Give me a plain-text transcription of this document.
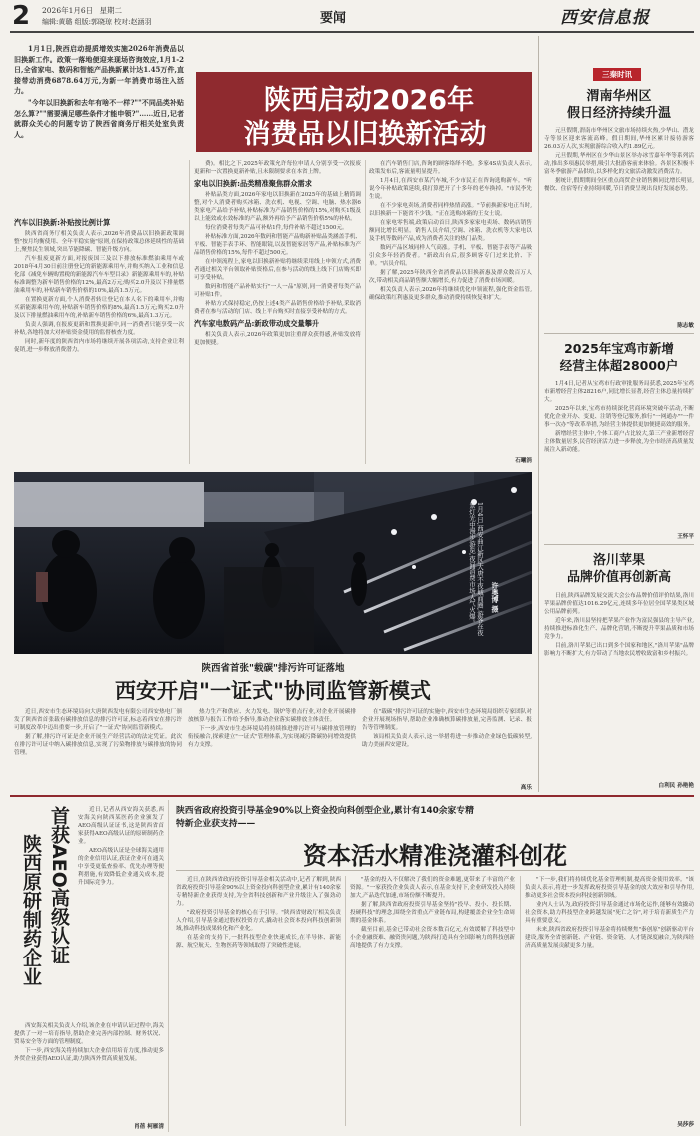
2 2026年1月6日 星期二
编辑:黄璐 组版:郭晓琼 校对:赵涵羽	要闻	西安信息报
1月1日,陕西启动提质增效实施2026年消费品以旧换新工作。政策一落地便迎来现场咨询效应,1月1-2日,全省家电、数码和智能产品换新累计达1.45万件,直接带动消费6878.64万元,为新一年消费市场注入活力。
"今年以旧换新和去年有啥不一样?""不同品类补贴怎么算?""需要满足哪些条件才能申领?"……近日,记者就群众关心的问题专访了陕西省商务厅相关处室负责人。
陕西启动2026年
消费品以旧换新活动
汽车以旧换新:补贴按比例计算
陕西省商务厅相关负责人表示,2026年消费品以旧换新政策调整"按月均衡使用、全年平稳实施"原则,在保持政策总体延续性的基础上,聚焦民生领域,突出节能降碳、智能升级方向。
汽车报废更新方面,对报废国三及以下排放标准燃油乘用车或2018年4月30日前注册登记的新能源乘用车,并购买纳入工业和信息化部《减免车辆购置税的新能源汽车车型目录》新能源乘用车的,补贴标准调整为新车销售价格的12%,最高2万元;购买2.0升及以下排量燃油乘用车的,补贴新车销售价格的10%,最高1.5万元。
在置换更新方面,个人消费者转让登记在本人名下的乘用车,并购买新能源乘用车的,补贴新车销售价格的8%,最高1.5万元;购买2.0升及以下排量燃油乘用车的,补贴新车销售价格的6%,最高1.3万元。
负责人强调,在报废更新和置换更新中,同一消费者只能享受一次补贴,各地将加大对补贴资金使用的监督核查力度。
同时,新年度的陕西省内市场将继续开展各项活动,支持企业让利促销,进一步释放消费潜力。
费)。相比之下,2025年政策允许每位申请人分别享受一次报废更新和一次置换更新补贴,且未限制要求在本省上牌。
家电以旧换新:品类精准聚焦群众需求
补贴品类方面,2026年家电以旧换新在2025年的基础上精简调整,对个人消费者购买冰箱、洗衣机、电视、空调、电脑、热水器6类家电产品给予补贴,补贴标准为产品销售价格的15%,对购买1级及以上能效或水效标准的产品,额外再给予产品销售价格5%的补贴。
每位消费者每类产品可补贴1件,每件补贴不超过1500元。
补贴标准方面,2026年数码和智能产品购新补贴品类涵盖手机、平板、智能手表手环、智能眼镜,以及智能家居等产品,补贴标准为产品销售价格的15%,每件不超过500元。
在申领流程上,家电以旧换新补贴将继续采用线上申领方式,消费者通过相关平台领取补贴资格后,在参与活动的线上线下门店购买即可享受补贴。
数码和智能产品补贴实行"一人一品"原则,同一消费者每类产品可补贴1件。
补贴方式保持稳定,仍按上述4类产品销售价格给予补贴,采取消费者在参与活动的门店、线上平台购买时直接享受补贴的方式。
汽车家电数码产品:新政带动成交量攀升
相关负责人表示,2026年政策更加注重群众获得感,补贴发放将更加便捷。
在汽车销售门店,咨询的顾客络绎不绝。多家4S店负责人表示,政策发布后,客流量明显提升。
1月4日,在西安市某汽车城,不少市民正在咨询选购新车。"听说今年补贴政策延续,我打算把开了十多年的老车换掉。"市民李先生说。
在不少家电卖场,消费者同样热情高涨。"节前换新家电正当时,以旧换新一下能省不少钱。"正在选购冰箱的王女士说。
在家电零售端,政策启动首日,陕西多家家电卖场、数码店销售额同比增长明显。销售人员介绍,空调、冰箱、洗衣机等大家电以及手机等数码产品,成为消费者关注的热门品类。
数码产品区域同样人气高涨。手机、平板、智能手表等产品吸引众多年轻消费者。"新政出台后,很多顾客专门过来比价、下单。"店员介绍。
据了解,2025年陕西全省消费品以旧换新惠及群众数百万人次,带动相关商品销售额大幅增长,有力促进了消费市场回暖。
相关负责人表示,2026年将继续优化申领流程,强化资金监管,确保政策红利惠及更多群众,推动消费持续恢复和扩大。
石曦涓
1月4日,西安曲江新区大唐不夜城商圈,游客在夜景灯光中漫步游览,夜间消费市场人气火爆。	许奥博 摄
陕西省首张"载碳"排污许可证落地
西安开启"一证式"协同监管新模式
近日,西安市生态环境局向大唐陕西发电有限公司西安热电厂颁发了陕西省首张载有碳排放信息的排污许可证,标志着西安在排污许可制度改革中迈出重要一步,开启了"一证式"协同监管新模式。
据了解,排污许可证是企业开展生产经营活动的法定凭证。此次在排污许可证中纳入碳排放信息,实现了污染物排放与碳排放的协同管理。
热力生产和供应、火力发电、锅炉等重点行业,对企业开展碳排放核算与报告工作给予指导,推动企业落实碳排放主体责任。
下一步,西安市生态环境局将持续推进排污许可与碳排放管理的衔接融合,探索建立"一证式"管理体系,为实现减污降碳协同增效提供有力支撑。
在"载碳"排污许可证的实施中,西安市生态环境局组织专家团队对企业开展现场指导,帮助企业准确核算碳排放量,完善监测、记录、报告等管理制度。
该局相关负责人表示,这一举措将进一步推动企业绿色低碳转型,助力美丽西安建设。
高乐
三秦时讯
渭南华州区
假日经济持续升温
元旦假期,渭南市华州区文旅市场持续火热,少华山、潜龙寺等景区迎来客流高峰。假日期间,华州区累计接待游客26.03万人次,实现旅游综合收入约1.89亿元。
元旦假期,华州区在少华山景区举办冰雪嘉年华等系列活动,推出多项惠民举措,吸引大批游客前来体验。各景区积极丰富冬季旅游产品供给,以多样化的文旅活动激发消费活力。
据统计,假期期间全区重点商贸企业销售额同比增长明显,餐饮、住宿等行业持续回暖,节日消费呈现出良好发展态势。
陈志敏
2025年宝鸡市新增
经营主体超28000户
1月4日,记者从宝鸡市行政审批服务局获悉,2025年宝鸡市新增经营主体28216户,同比增长显著,经营主体总量持续扩大。
2025年以来,宝鸡市持续深化营商环境突破年活动,不断优化企业开办、变更、注销等登记服务,推行"一网通办""一件事一次办"等改革举措,为经营主体提供更加便捷高效的服务。
新增经营主体中,个体工商户占比较大,第三产业新增经营主体数量居多,民营经济活力进一步释放,为全市经济高质量发展注入新动能。
王怀平
洛川苹果
品牌价值再创新高
日前,陕西品牌发展交流大会公布品牌价值评价结果,洛川苹果品牌价值达1016.29亿元,连续多年位居全国苹果类区域公用品牌前列。
近年来,洛川县坚持把苹果产业作为富民强县的主导产业,持续推进标准化生产、品牌化营销,不断提升苹果品质和市场竞争力。
目前,洛川苹果已出口到多个国家和地区,"洛川苹果"品牌影响力不断扩大,有力带动了当地农民增收致富和乡村振兴。
白利民 孙艳艳
首获AEO高级认证
陕西原研制药企业
近日,记者从西安海关获悉,西安海关向陕西某医药企业颁发了AEO高级认证证书,这是陕西省首家获得AEO高级认证的原研制药企业。
AEO高级认证是全球海关通用的企业信用认证,获证企业可在通关中享受更低查验率、优先办理等便利措施,有效降低企业通关成本,提升国际竞争力。
西安海关相关负责人介绍,该企业在申请认证过程中,海关提供了一对一培育指导,帮助企业完善内部控制、财务状况、贸易安全等方面的管理制度。
下一步,西安海关将持续加大企业信用培育力度,推动更多外贸企业获得AEO认证,助力陕西外贸高质量发展。
肖蓓 柯雁清
陕西省政府投资引导基金90%以上资金投向科创型企业,累计有140余家专精
特新企业获支持——
资本活水精准浇灌科创花
近日,在陕西省政府投资引导基金相关活动中,记者了解到,陕西省政府投资引导基金90%以上资金投向科创型企业,累计有140余家专精特新企业获得支持,为全省科技创新和产业升级注入了强劲动力。
"政府投资引导基金的核心在于引导。"陕西省财政厅相关负责人介绍,引导基金通过股权投资方式,撬动社会资本投向科技创新领域,推动科技成果转化和产业化。
在基金的支持下,一批科技型企业快速成长,在半导体、新能源、航空航天、生物医药等领域取得了突破性进展。
"基金的投入不仅解决了我们的资金难题,更带来了丰富的产业资源。"一家获投企业负责人表示,在基金支持下,企业研发投入持续加大,产品迭代加速,市场份额不断提升。
据了解,陕西省政府投资引导基金坚持"投早、投小、投长期、投硬科技"的理念,围绕全省重点产业链布局,构建覆盖企业全生命周期的基金体系。
截至目前,基金已带动社会资本数百亿元,有效缓解了科技型中小企业融资难、融资贵问题,为陕西打造具有全国影响力的科技创新高地提供了有力支撑。
"下一步,我们将持续优化基金管理机制,提高资金使用效率。"该负责人表示,将进一步发挥政府投资引导基金的放大效应和引导作用,推动更多社会资本投向科技创新领域。
业内人士认为,政府投资引导基金通过市场化运作,能够有效撬动社会资本,助力科技型企业跨越发展"死亡之谷",对于培育新质生产力具有重要意义。
未来,陕西省政府投资引导基金将持续聚焦"秦创原"创新驱动平台建设,服务全省创新链、产业链、资金链、人才链深度融合,为陕西经济高质量发展贡献更多力量。
吴莎莎
